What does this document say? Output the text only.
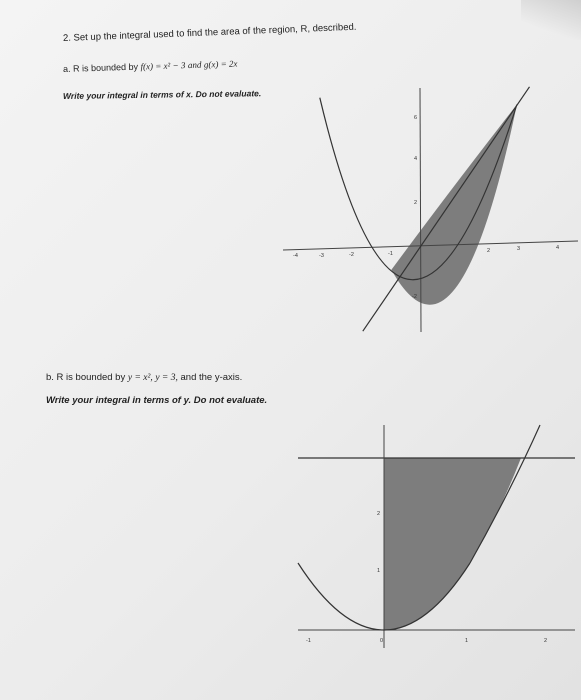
2. Set up the integral used to find the area of the region, R, described.
a. R is bounded by f(x) = x² − 3 and g(x) = 2x
Write your integral in terms of x. Do not evaluate.
-4	-3	-2	-1	2	3	4
6
4
2
-2
b. R is bounded by y = x², y = 3, and the y-axis.
Write your integral in terms of y. Do not evaluate.
-1	0	1	2
2
1
